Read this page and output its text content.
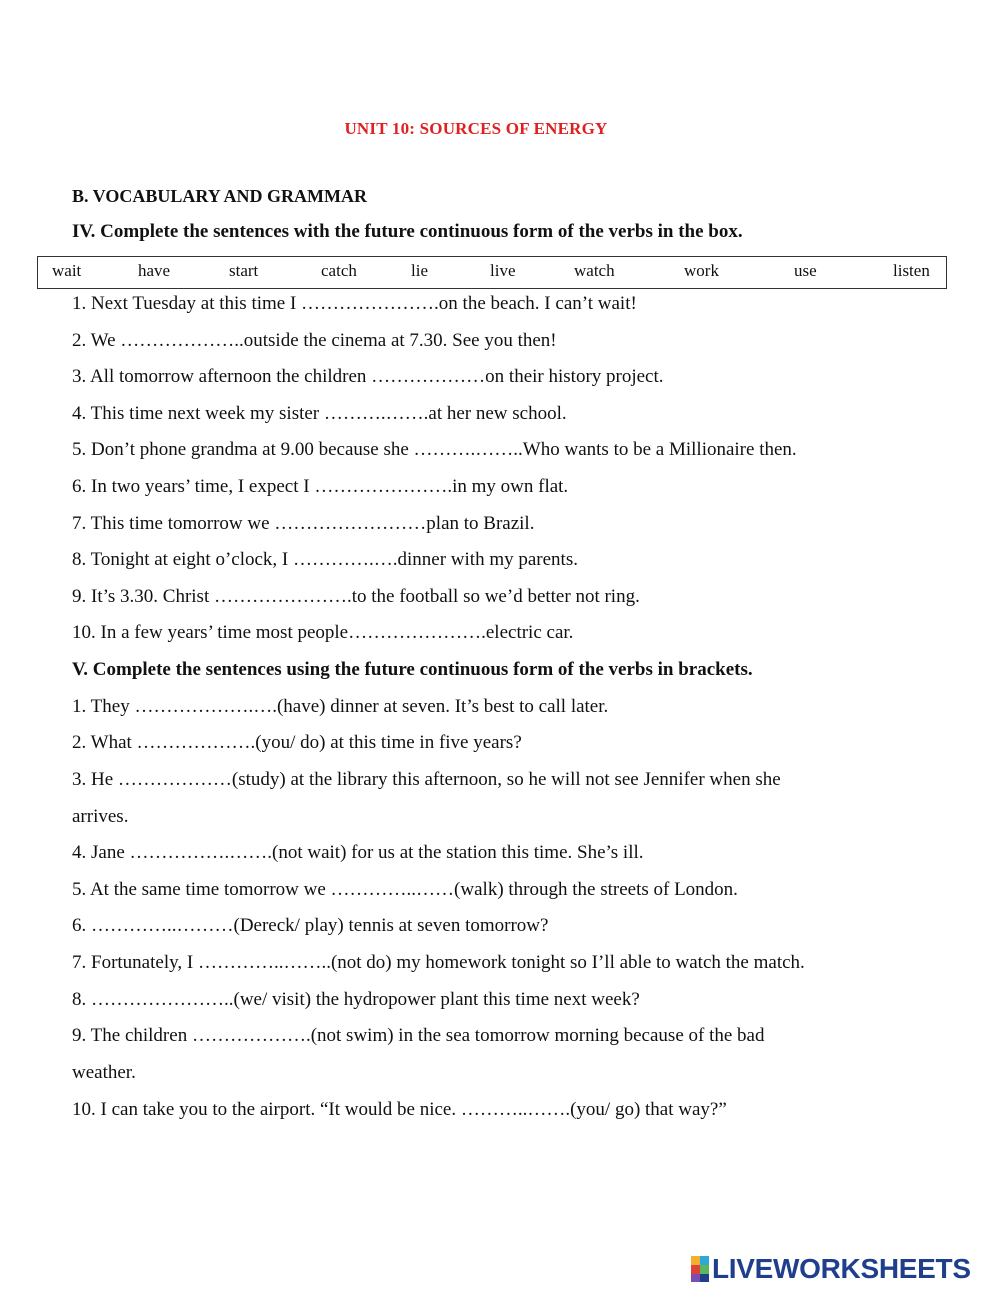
UNIT 10: SOURCES OF ENERGY
B. VOCABULARY AND GRAMMAR
IV. Complete the sentences with the future continuous form of the verbs in the box.
wait	have	start	catch	lie	live	watch	work	use	listen
1. Next Tuesday at this time I ………………….on the beach. I can’t wait!
2. We ………………..outside the cinema at 7.30. See you then!
3. All tomorrow afternoon the children ………………on their history project.
4. This time next week my sister ……….…….at her new school.
5. Don’t phone grandma at 9.00 because she ……….……..Who wants to be a Millionaire then.
6. In two years’ time, I expect I ………………….in my own flat.
7. This time tomorrow we ……………………plan to Brazil.
8. Tonight at eight o’clock, I ………….….dinner with my parents.
9. It’s 3.30. Christ ………………….to the football so we’d better not ring.
10. In a few years’ time most people………………….electric car.
V. Complete the sentences using the future continuous form of the verbs in brackets.
1. They ……………….….(have) dinner at seven. It’s best to call later.
2. What ……………….(you/ do) at this time in five years?
3. He ………………(study) at the library this afternoon, so he will not see Jennifer when she
arrives.
4. Jane …………….…….(not wait) for us at the station this time. She’s ill.
5. At the same time tomorrow we …………..……(walk) through the streets of London.
6. …………..………(Dereck/ play) tennis at seven tomorrow?
7. Fortunately, I …………..……..(not do) my homework tonight so I’ll able to watch the match.
8. …………………..(we/ visit) the hydropower plant this time next week?
9. The children ……………….(not swim) in the sea tomorrow morning because of the bad
weather.
10. I can take you to the airport. “It would be nice. ………..…….(you/ go) that way?”
LIVEWORKSHEETS
